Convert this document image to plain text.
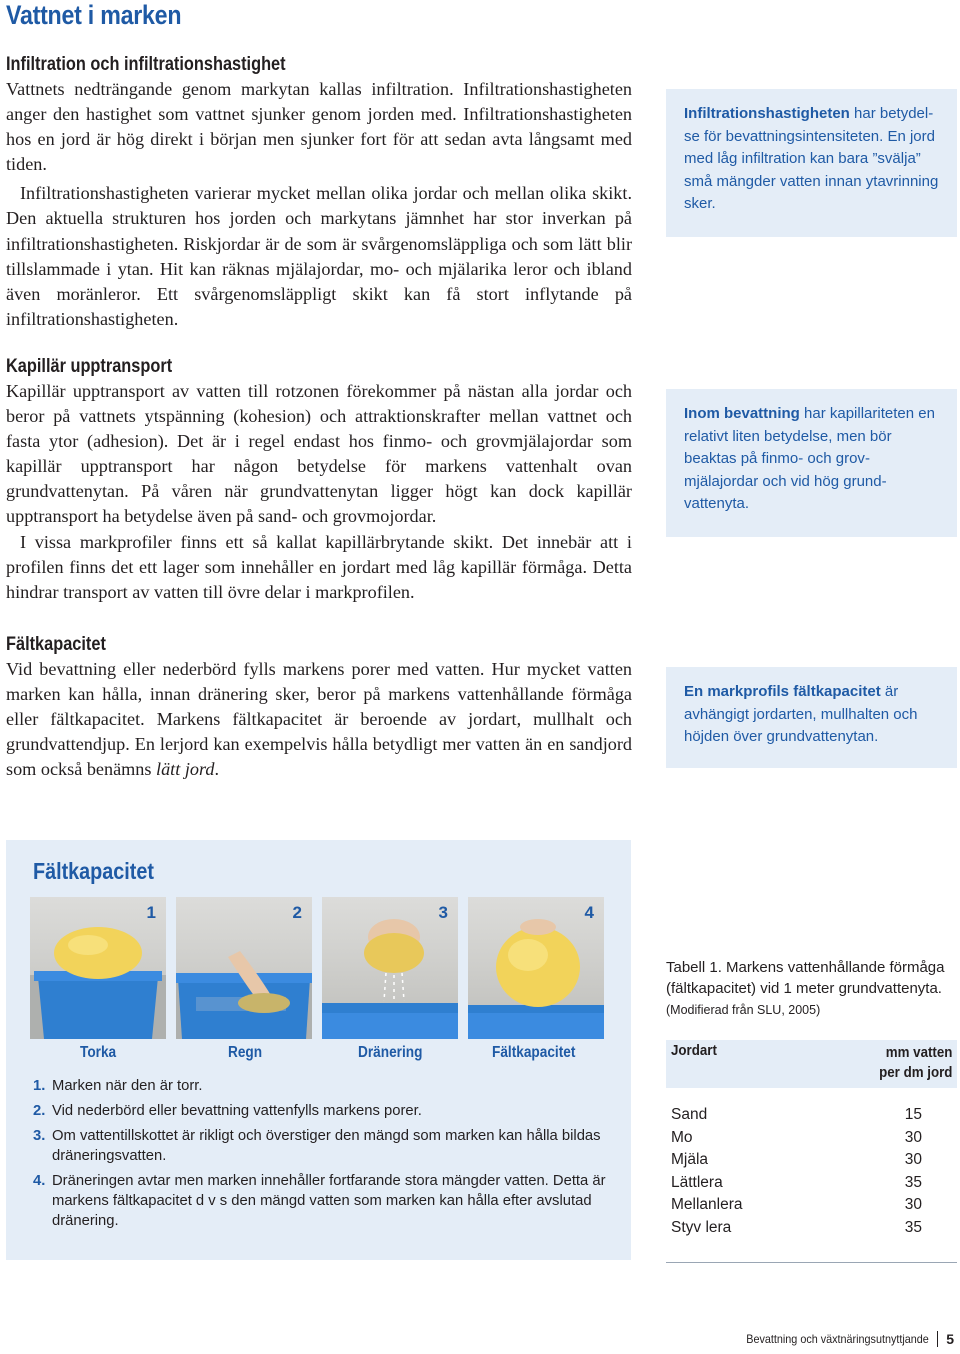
Vattnet i marken
Infiltration och infiltrationshastighet

Vattnets nedträngande genom markytan kallas infiltration. Infiltrationshastigheten anger den hastighet som vattnet sjunker genom jorden med. Infiltrationshastigheten hos en jord är hög direkt i början men sjunker fort för att sedan avta långsamt med tiden.

Infiltrationshastigheten varierar mycket mellan olika jordar och mellan olika skikt. Den aktuella strukturen hos jorden och markytans jämnhet har stor inverkan på infiltrationshastigheten. Riskjordar är de som är svårgenomsläppliga och som lätt blir tillslammade i ytan. Hit kan räknas mjälajordar, mo- och mjälarika leror och ibland även moränleror. Ett svårgenomsläppligt skikt kan få stort inflytande på infiltrationshastigheten.

Kapillär upptransport

Kapillär upptransport av vatten till rotzonen förekommer på nästan alla jordar och beror på vattnets ytspänning (kohesion) och attraktionskrafter mellan vattnet och fasta ytor (adhesion). Det är i regel endast hos finmo- och grovmjälajordar som kapillär upptransport har någon betydelse för markens vattenhalt ovan grundvattenytan. På våren när grundvattenytan ligger högt kan dock kapillär upptransport ha betydelse även på sand- och grovmojordar.

I vissa markprofiler finns ett så kallat kapillärbrytande skikt. Det innebär att i profilen finns det ett lager som innehåller en jordart med låg kapillär förmåga. Detta hindrar transport av vatten till övre delar i markprofilen.

Fältkapacitet

Vid bevattning eller nederbörd fylls markens porer med vatten. Hur mycket vatten marken kan hålla, innan dränering sker, beror på markens vattenhållande förmåga eller fältkapacitet. Markens fältkapacitet är beroende av jordart, mullhalt och grundvattendjup. En lerjord kan exempelvis hålla betydligt mer vatten än en sandjord som också benämns lätt jord.

Infiltrationshastigheten har betydelse för bevattningsintensiteten. En jord med låg infiltration kan bara ”svälja” små mängder vatten innan ytavrinning sker.
Inom bevattning har kapillariteten en relativt liten betydelse, men bör beaktas på finmo- och grovmjälajordar och vid hög grundvattenyta.
En markprofils fältkapacitet är avhängigt jordarten, mullhalten och höjden över grundvattenytan.
Fältkapacitet
1	2	3	4
Torka	Regn	Dränering	Fältkapacitet
1. Marken när den är torr.
2. Vid nederbörd eller bevattning vattenfylls markens porer.
3. Om vattentillskottet är rikligt och överstiger den mängd som marken kan hålla bildas dräneringsvatten.
4. Dräneringen avtar men marken innehåller fortfarande stora mängder vatten. Detta är markens fältkapacitet d v s den mängd vatten som marken kan hålla efter avslutad dränering.
Tabell 1. Markens vattenhållande förmåga (fältkapacitet) vid 1 meter grundvattenyta. (Modifierad från SLU, 2005)
Jordart	mm vatten
per dm jord
Sand	15
Mo	30
Mjäla	30
Lättlera	35
Mellanlera	30
Styv lera	35
Bevattning och växtnäringsutnyttjande 5
